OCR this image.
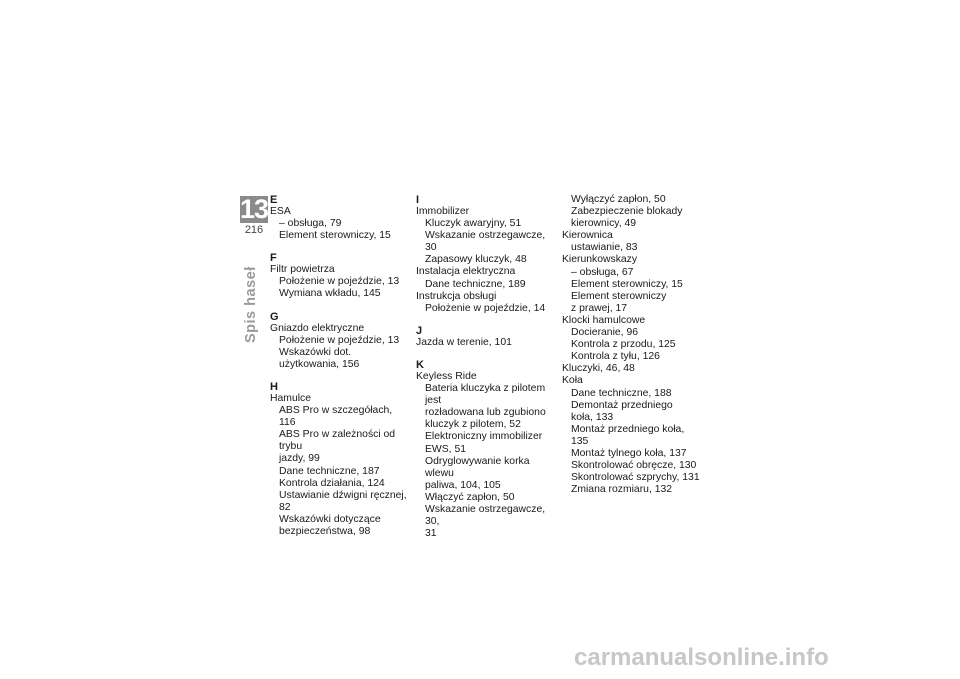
13
216
Spis haseł
E
ESA
– obsługa, 79
Element sterowniczy, 15
F
Filtr powietrza
Położenie w pojeździe, 13
Wymiana wkładu, 145
G
Gniazdo elektryczne
Położenie w pojeździe, 13
Wskazówki dot.
użytkowania, 156
H
Hamulce
ABS Pro w szczegółach, 116
ABS Pro w zależności od trybu
jazdy, 99
Dane techniczne, 187
Kontrola działania, 124
Ustawianie dźwigni ręcznej, 82
Wskazówki dotyczące
bezpieczeństwa, 98
I
Immobilizer
Kluczyk awaryjny, 51
Wskazanie ostrzegawcze, 30
Zapasowy kluczyk, 48
Instalacja elektryczna
Dane techniczne, 189
Instrukcja obsługi
Położenie w pojeździe, 14
J
Jazda w terenie, 101
K
Keyless Ride
Bateria kluczyka z pilotem jest
rozładowana lub zgubiono
kluczyk z pilotem, 52
Elektroniczny immobilizer
EWS, 51
Odryglowywanie korka wlewu
paliwa, 104, 105
Włączyć zapłon, 50
Wskazanie ostrzegawcze, 30,
31
Wyłączyć zapłon, 50
Zabezpieczenie blokady
kierownicy, 49
Kierownica
ustawianie, 83
Kierunkowskazy
– obsługa, 67
Element sterowniczy, 15
Element sterowniczy
z prawej, 17
Klocki hamulcowe
Docieranie, 96
Kontrola z przodu, 125
Kontrola z tyłu, 126
Kluczyki, 46, 48
Koła
Dane techniczne, 188
Demontaż przedniego
koła, 133
Montaż przedniego koła, 135
Montaż tylnego koła, 137
Skontrolować obręcze, 130
Skontrolować szprychy, 131
Zmiana rozmiaru, 132
carmanualsonline.info
